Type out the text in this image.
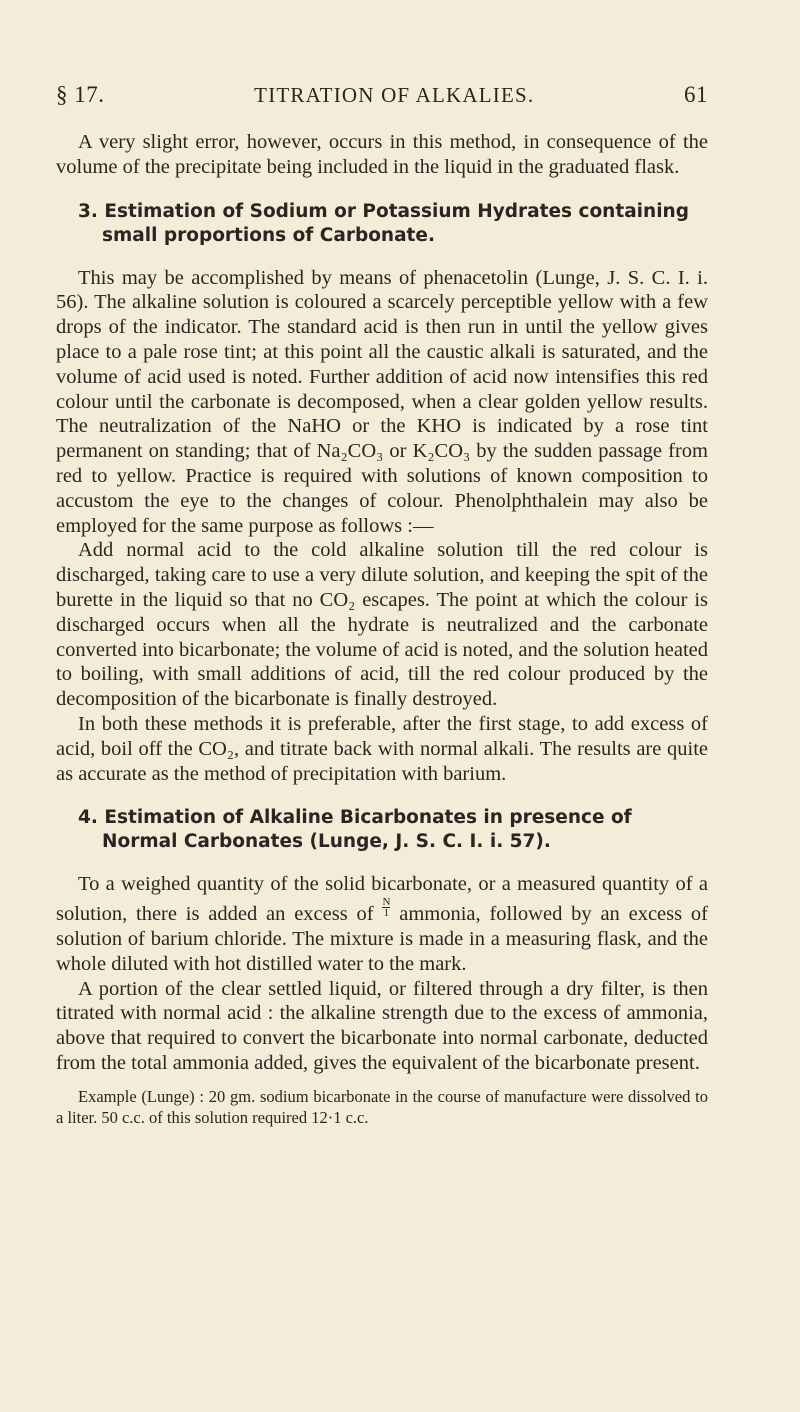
§ 17.	TITRATION OF ALKALIES.	61

A very slight error, however, occurs in this method, in consequence of the volume of the precipitate being included in the liquid in the graduated flask.

3. Estimation of Sodium or Potassium Hydrates containing small proportions of Carbonate.

This may be accomplished by means of phenacetolin (Lunge, J. S. C. I. i. 56). The alkaline solution is coloured a scarcely perceptible yellow with a few drops of the indicator. The standard acid is then run in until the yellow gives place to a pale rose tint; at this point all the caustic alkali is saturated, and the volume of acid used is noted. Further addition of acid now intensifies this red colour until the carbonate is decomposed, when a clear golden yellow results. The neutralization of the NaHO or the KHO is indicated by a rose tint permanent on standing; that of Na₂CO₃ or K₂CO₃ by the sudden passage from red to yellow. Practice is required with solutions of known composition to accustom the eye to the changes of colour. Phenolphthalein may also be employed for the same purpose as follows :—

Add normal acid to the cold alkaline solution till the red colour is discharged, taking care to use a very dilute solution, and keeping the spit of the burette in the liquid so that no CO₂ escapes. The point at which the colour is discharged occurs when all the hydrate is neutralized and the carbonate converted into bicarbonate; the volume of acid is noted, and the solution heated to boiling, with small additions of acid, till the red colour produced by the decomposition of the bicarbonate is finally destroyed.

In both these methods it is preferable, after the first stage, to add excess of acid, boil off the CO₂, and titrate back with normal alkali. The results are quite as accurate as the method of precipitation with barium.

4. Estimation of Alkaline Bicarbonates in presence of Normal Carbonates (Lunge, J. S. C. I. i. 57).

To a weighed quantity of the solid bicarbonate, or a measured quantity of a solution, there is added an excess of $\frac{N}{1}$ ammonia, followed by an excess of solution of barium chloride. The mixture is made in a measuring flask, and the whole diluted with hot distilled water to the mark.

A portion of the clear settled liquid, or filtered through a dry filter, is then titrated with normal acid : the alkaline strength due to the excess of ammonia, above that required to convert the bicarbonate into normal carbonate, deducted from the total ammonia added, gives the equivalent of the bicarbonate present.

Example (Lunge) : 20 gm. sodium bicarbonate in the course of manufacture were dissolved to a liter. 50 c.c. of this solution required 12·1 c.c.
